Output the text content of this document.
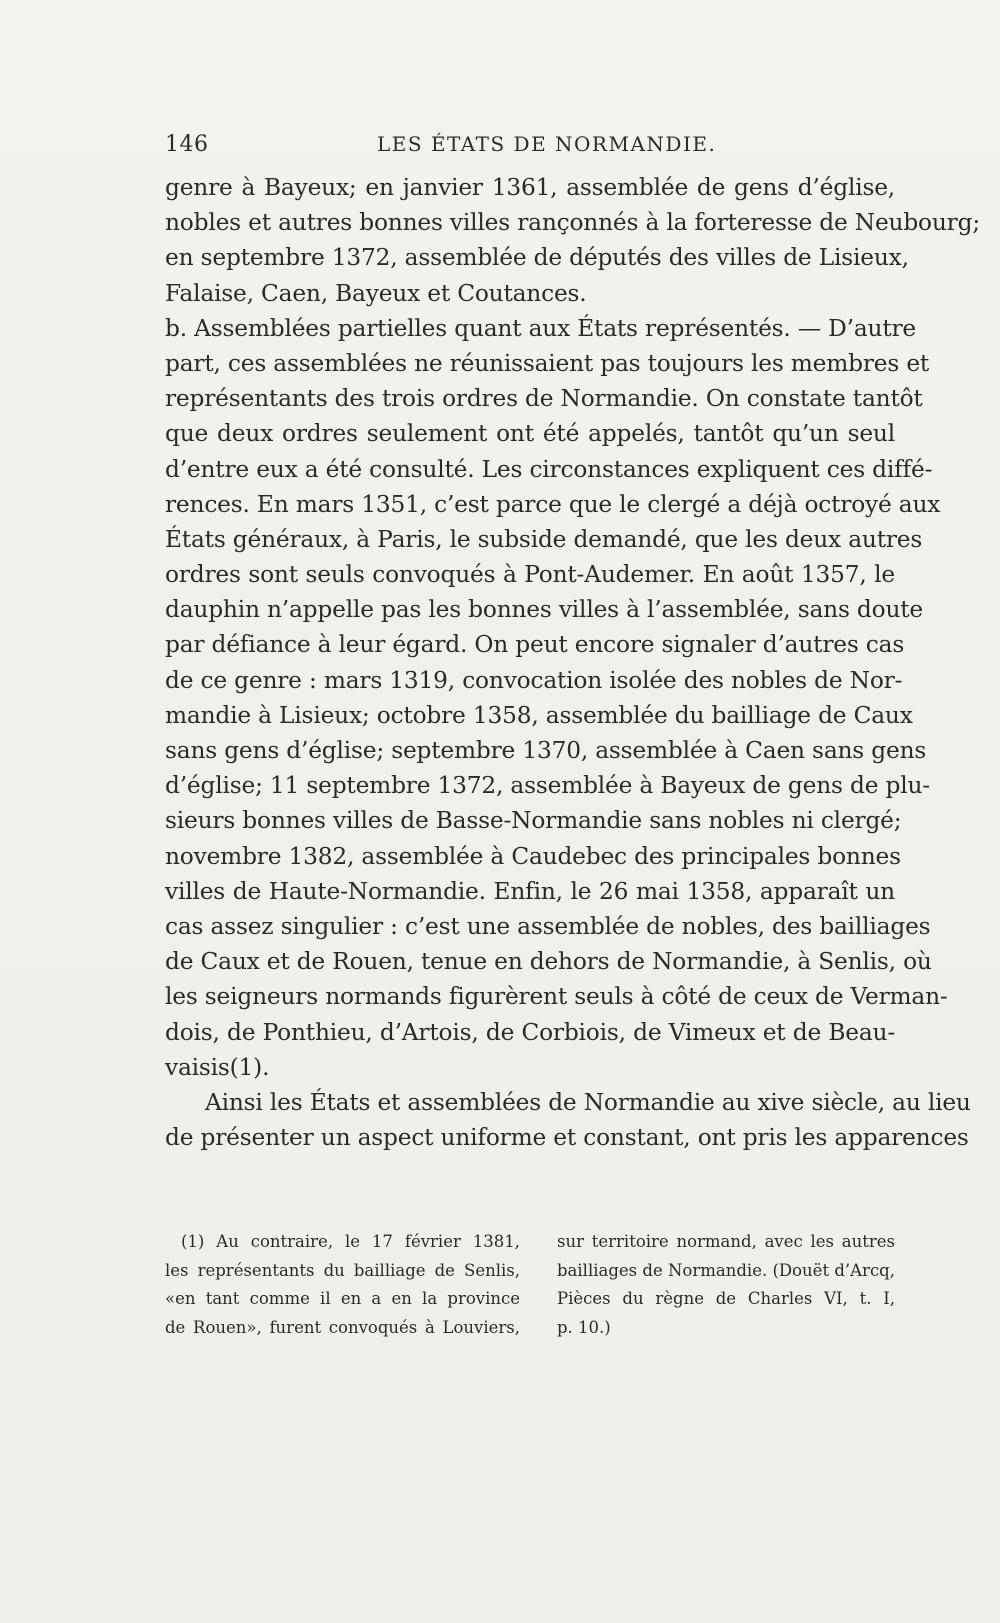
146	LES ÉTATS DE NORMANDIE.
genre à Bayeux; en janvier 1361, assemblée de gens d’église,
nobles et autres bonnes villes rançonnés à la forteresse de Neubourg;
en septembre 1372, assemblée de députés des villes de Lisieux,
Falaise, Caen, Bayeux et Coutances.
b. Assemblées partielles quant aux États représentés. — D’autre
part, ces assemblées ne réunissaient pas toujours les membres et
représentants des trois ordres de Normandie. On constate tantôt
que deux ordres seulement ont été appelés, tantôt qu’un seul
d’entre eux a été consulté. Les circonstances expliquent ces diffé-
rences. En mars 1351, c’est parce que le clergé a déjà octroyé aux
États généraux, à Paris, le subside demandé, que les deux autres
ordres sont seuls convoqués à Pont-Audemer. En août 1357, le
dauphin n’appelle pas les bonnes villes à l’assemblée, sans doute
par défiance à leur égard. On peut encore signaler d’autres cas
de ce genre : mars 1319, convocation isolée des nobles de Nor-
mandie à Lisieux; octobre 1358, assemblée du bailliage de Caux
sans gens d’église; septembre 1370, assemblée à Caen sans gens
d’église; 11 septembre 1372, assemblée à Bayeux de gens de plu-
sieurs bonnes villes de Basse-Normandie sans nobles ni clergé;
novembre 1382, assemblée à Caudebec des principales bonnes
villes de Haute-Normandie. Enfin, le 26 mai 1358, apparaît un
cas assez singulier : c’est une assemblée de nobles, des bailliages
de Caux et de Rouen, tenue en dehors de Normandie, à Senlis, où
les seigneurs normands figurèrent seuls à côté de ceux de Verman-
dois, de Ponthieu, d’Artois, de Corbiois, de Vimeux et de Beau-
vaisis(1).
Ainsi les États et assemblées de Normandie au xive siècle, au lieu
de présenter un aspect uniforme et constant, ont pris les apparences
(1) Au contraire, le 17 février 1381,
les représentants du bailliage de Senlis,
«en tant comme il en a en la province
de Rouen», furent convoqués à Louviers,
sur territoire normand, avec les autres
bailliages de Normandie. (Douët d’Arcq,
Pièces du règne de Charles VI, t. I,
p. 10.)
